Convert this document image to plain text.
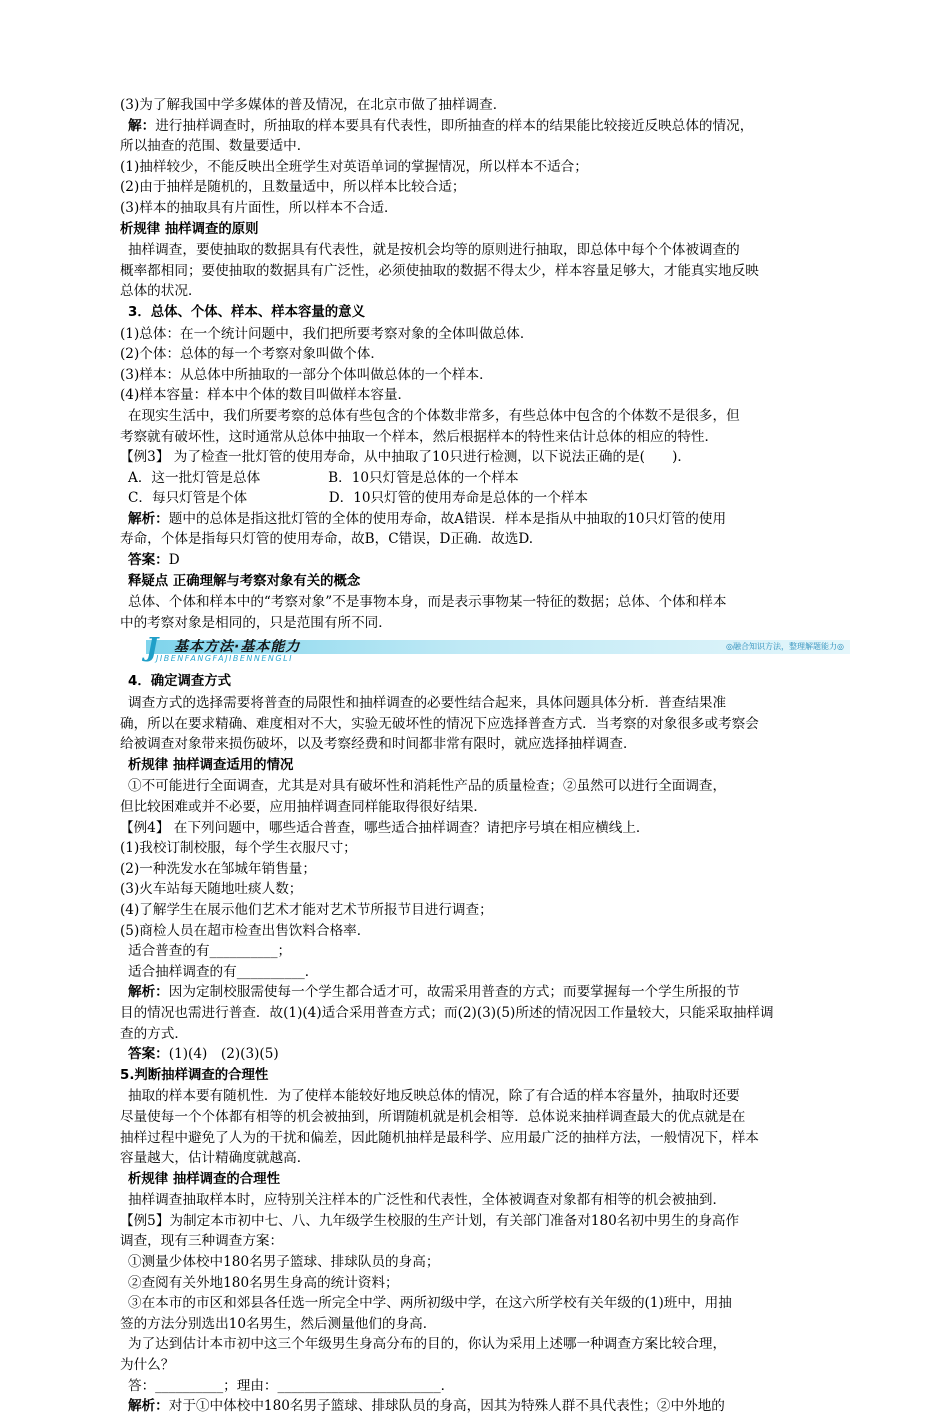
(3)为了解我国中学多媒体的普及情况，在北京市做了抽样调查．
解：进行抽样调查时，所抽取的样本要具有代表性，即所抽查的样本的结果能比较接近反映总体的情况，
所以抽查的范围、数量要适中．
(1)抽样较少，不能反映出全班学生对英语单词的掌握情况，所以样本不适合；
(2)由于抽样是随机的，且数量适中，所以样本比较合适；
(3)样本的抽取具有片面性，所以样本不合适．
析规律 抽样调查的原则
抽样调查，要使抽取的数据具有代表性，就是按机会均等的原则进行抽取，即总体中每个个体被调查的
概率都相同；要使抽取的数据具有广泛性，必须使抽取的数据不得太少，样本容量足够大，才能真实地反映
总体的状况．
3．总体、个体、样本、样本容量的意义
(1)总体：在一个统计问题中，我们把所要考察对象的全体叫做总体．
(2)个体：总体的每一个考察对象叫做个体．
(3)样本：从总体中所抽取的一部分个体叫做总体的一个样本．
(4)样本容量：样本中个体的数目叫做样本容量．
在现实生活中，我们所要考察的总体有些包含的个体数非常多，有些总体中包含的个体数不是很多，但
考察就有破坏性，这时通常从总体中抽取一个样本，然后根据样本的特性来估计总体的相应的特性．
【例3】 为了检查一批灯管的使用寿命，从中抽取了10只进行检测，以下说法正确的是(　　)．
A．这一批灯管是总体　　　　　B．10只灯管是总体的一个样本
C．每只灯管是个体　　　　　　D．10只灯管的使用寿命是总体的一个样本
解析：题中的总体是指这批灯管的全体的使用寿命，故A错误．样本是指从中抽取的10只灯管的使用
寿命，个体是指每只灯管的使用寿命，故B，C错误，D正确．故选D.
答案：D
释疑点 正确理解与考察对象有关的概念
总体、个体和样本中的“考察对象”不是事物本身，而是表示事物某一特征的数据；总体、个体和样本
中的考察对象是相同的，只是范围有所不同．
J 基本方法·基本能力
JIBENFANGFAJIBENNENGLI
◎融合知识方法，整理解题能力◎
4．确定调查方式
调查方式的选择需要将普查的局限性和抽样调查的必要性结合起来，具体问题具体分析．普查结果准
确，所以在要求精确、难度相对不大，实验无破坏性的情况下应选择普查方式．当考察的对象很多或考察会
给被调查对象带来损伤破坏，以及考察经费和时间都非常有限时，就应选择抽样调查．
析规律 抽样调查适用的情况
①不可能进行全面调查，尤其是对具有破坏性和消耗性产品的质量检查；②虽然可以进行全面调查，
但比较困难或并不必要，应用抽样调查同样能取得很好结果．
【例4】 在下列问题中，哪些适合普查，哪些适合抽样调查？请把序号填在相应横线上．
(1)我校订制校服，每个学生衣服尺寸；
(2)一种洗发水在邹城年销售量；
(3)火车站每天随地吐痰人数；
(4)了解学生在展示他们艺术才能对艺术节所报节目进行调查；
(5)商检人员在超市检查出售饮料合格率．
适合普查的有__________；
适合抽样调查的有__________．
解析：因为定制校服需使每一个学生都合适才可，故需采用普查的方式；而要掌握每一个学生所报的节
目的情况也需进行普查．故(1)(4)适合采用普查方式；而(2)(3)(5)所述的情况因工作量较大，只能采取抽样调
查的方式．
答案：(1)(4)　(2)(3)(5)
5.判断抽样调查的合理性
抽取的样本要有随机性．为了使样本能较好地反映总体的情况，除了有合适的样本容量外，抽取时还要
尽量使每一个个体都有相等的机会被抽到，所谓随机就是机会相等．总体说来抽样调查最大的优点就是在
抽样过程中避免了人为的干扰和偏差，因此随机抽样是最科学、应用最广泛的抽样方法，一般情况下，样本
容量越大，估计精确度就越高．
析规律 抽样调查的合理性
抽样调查抽取样本时，应特别关注样本的广泛性和代表性，全体被调查对象都有相等的机会被抽到．
【例5】为制定本市初中七、八、九年级学生校服的生产计划，有关部门准备对180名初中男生的身高作
调查，现有三种调查方案：
①测量少体校中180名男子篮球、排球队员的身高；
②查阅有关外地180名男生身高的统计资料；
③在本市的市区和郊县各任选一所完全中学、两所初级中学，在这六所学校有关年级的(1)班中，用抽
签的方法分别选出10名男生，然后测量他们的身高．
为了达到估计本市初中这三个年级男生身高分布的目的，你认为采用上述哪一种调查方案比较合理，
为什么？
答：__________；理由：________________________．
解析：对于①中体校中180名男子篮球、排球队员的身高，因其为特殊人群不具代表性；②中外地的
